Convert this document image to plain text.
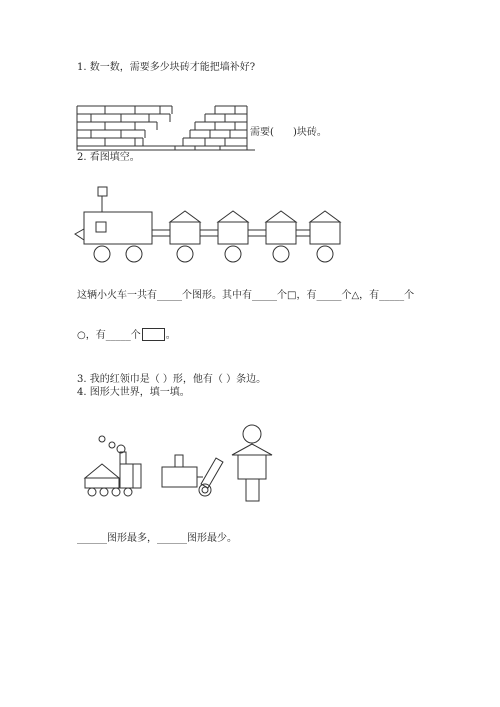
1. 数一数，需要多少块砖才能把墙补好?
需要( )块砖。
2. 看图填空。
这辆小火车一共有_____个图形。其中有_____个□，有_____个△，有_____个
○，有_____个	。
3. 我的红领巾是（ ）形，他有（ ）条边。
4. 图形大世界，填一填。
______图形最多，______图形最少。
